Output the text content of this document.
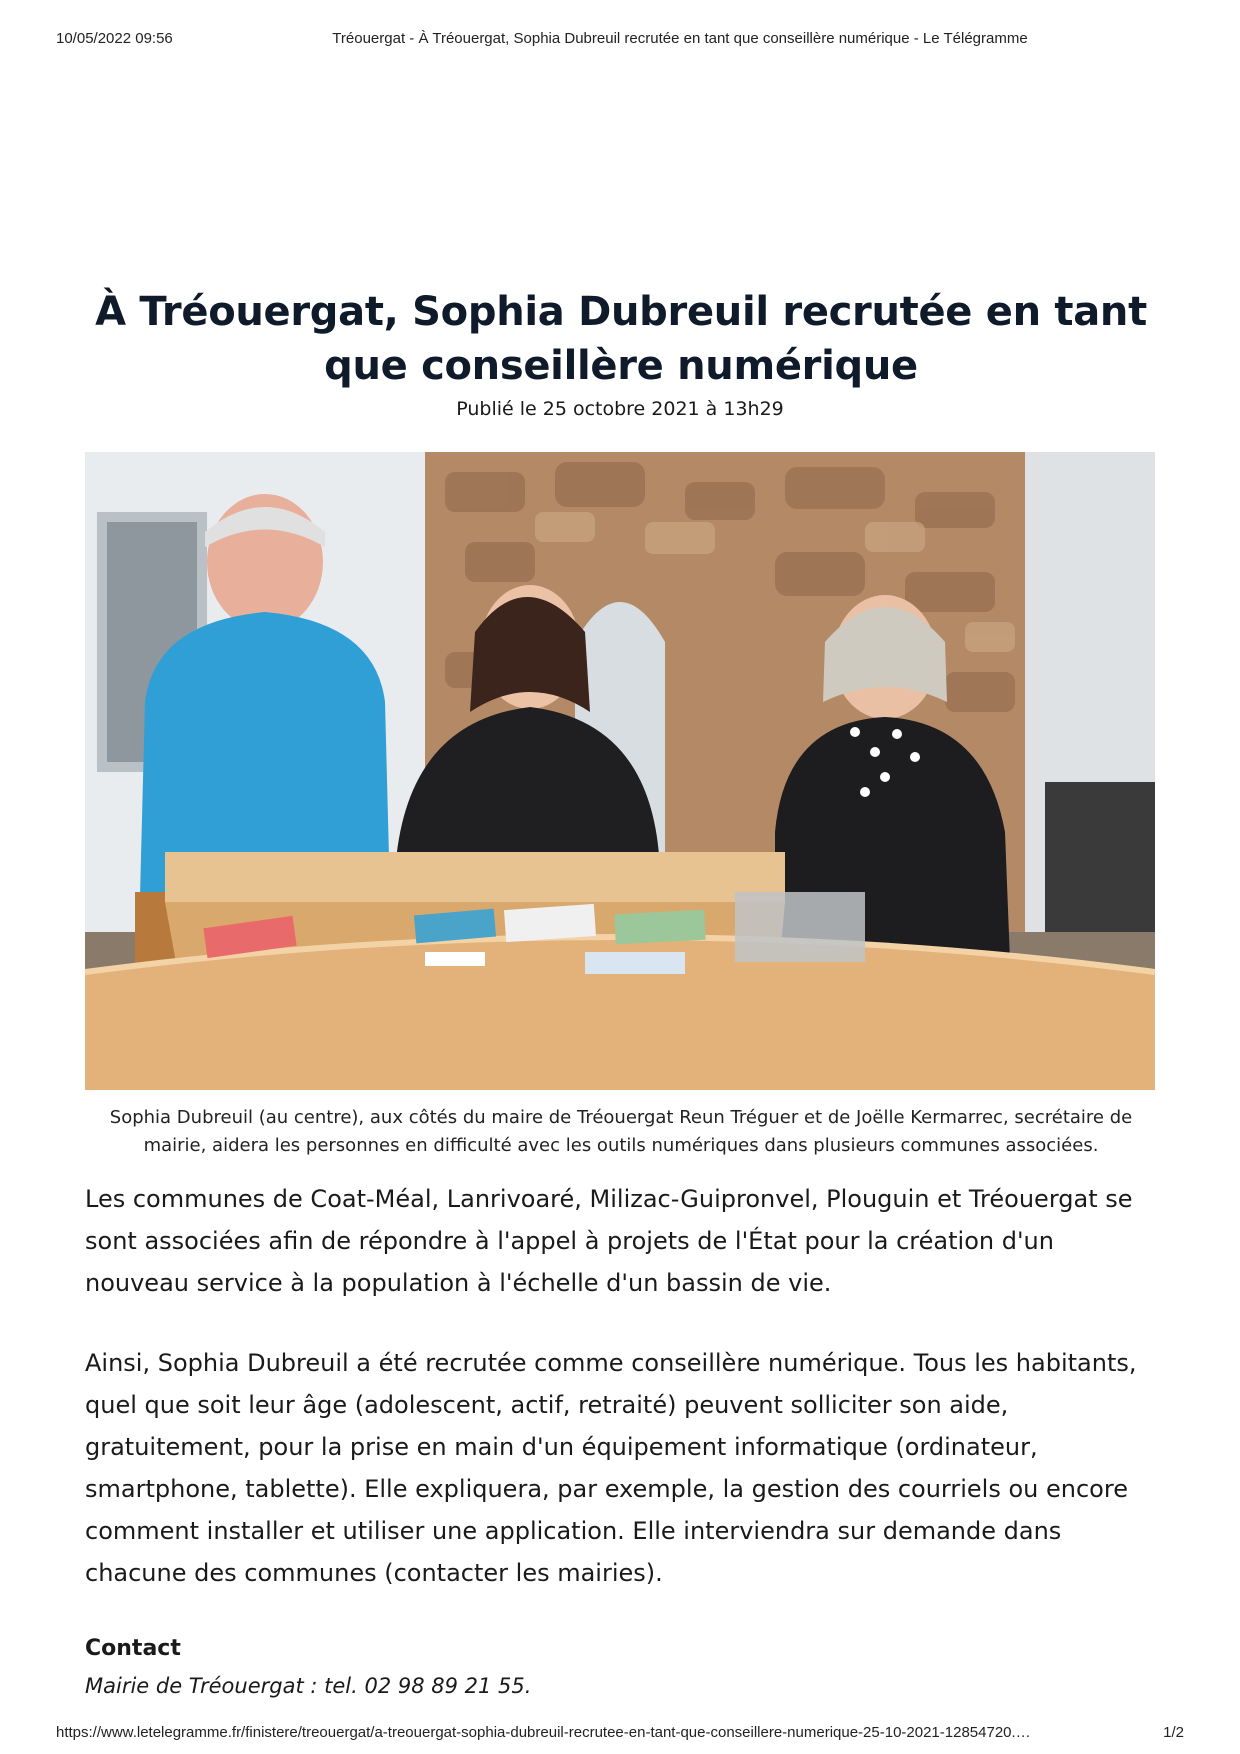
10/05/2022 09:56	Tréouergat - À Tréouergat, Sophia Dubreuil recrutée en tant que conseillère numérique - Le Télégramme
À Tréouergat, Sophia Dubreuil recrutée en tant que conseillère numérique
Publié le 25 octobre 2021 à 13h29
Sophia Dubreuil (au centre), aux côtés du maire de Tréouergat Reun Tréguer et de Joëlle Kermarrec, secrétaire de mairie, aidera les personnes en difficulté avec les outils numériques dans plusieurs communes associées.

Les communes de Coat-Méal, Lanrivoaré, Milizac-Guipronvel, Plouguin et Tréouergat se sont associées afin de répondre à l'appel à projets de l'État pour la création d'un nouveau service à la population à l'échelle d'un bassin de vie.

Ainsi, Sophia Dubreuil a été recrutée comme conseillère numérique. Tous les habitants, quel que soit leur âge (adolescent, actif, retraité) peuvent solliciter son aide, gratuitement, pour la prise en main d'un équipement informatique (ordinateur, smartphone, tablette). Elle expliquera, par exemple, la gestion des courriels ou encore comment installer et utiliser une application. Elle interviendra sur demande dans chacune des communes (contacter les mairies).

Contact
Mairie de Tréouergat : tel. 02 98 89 21 55.
https://www.letelegramme.fr/finistere/treouergat/a-treouergat-sophia-dubreuil-recrutee-en-tant-que-conseillere-numerique-25-10-2021-12854720.…	1/2
